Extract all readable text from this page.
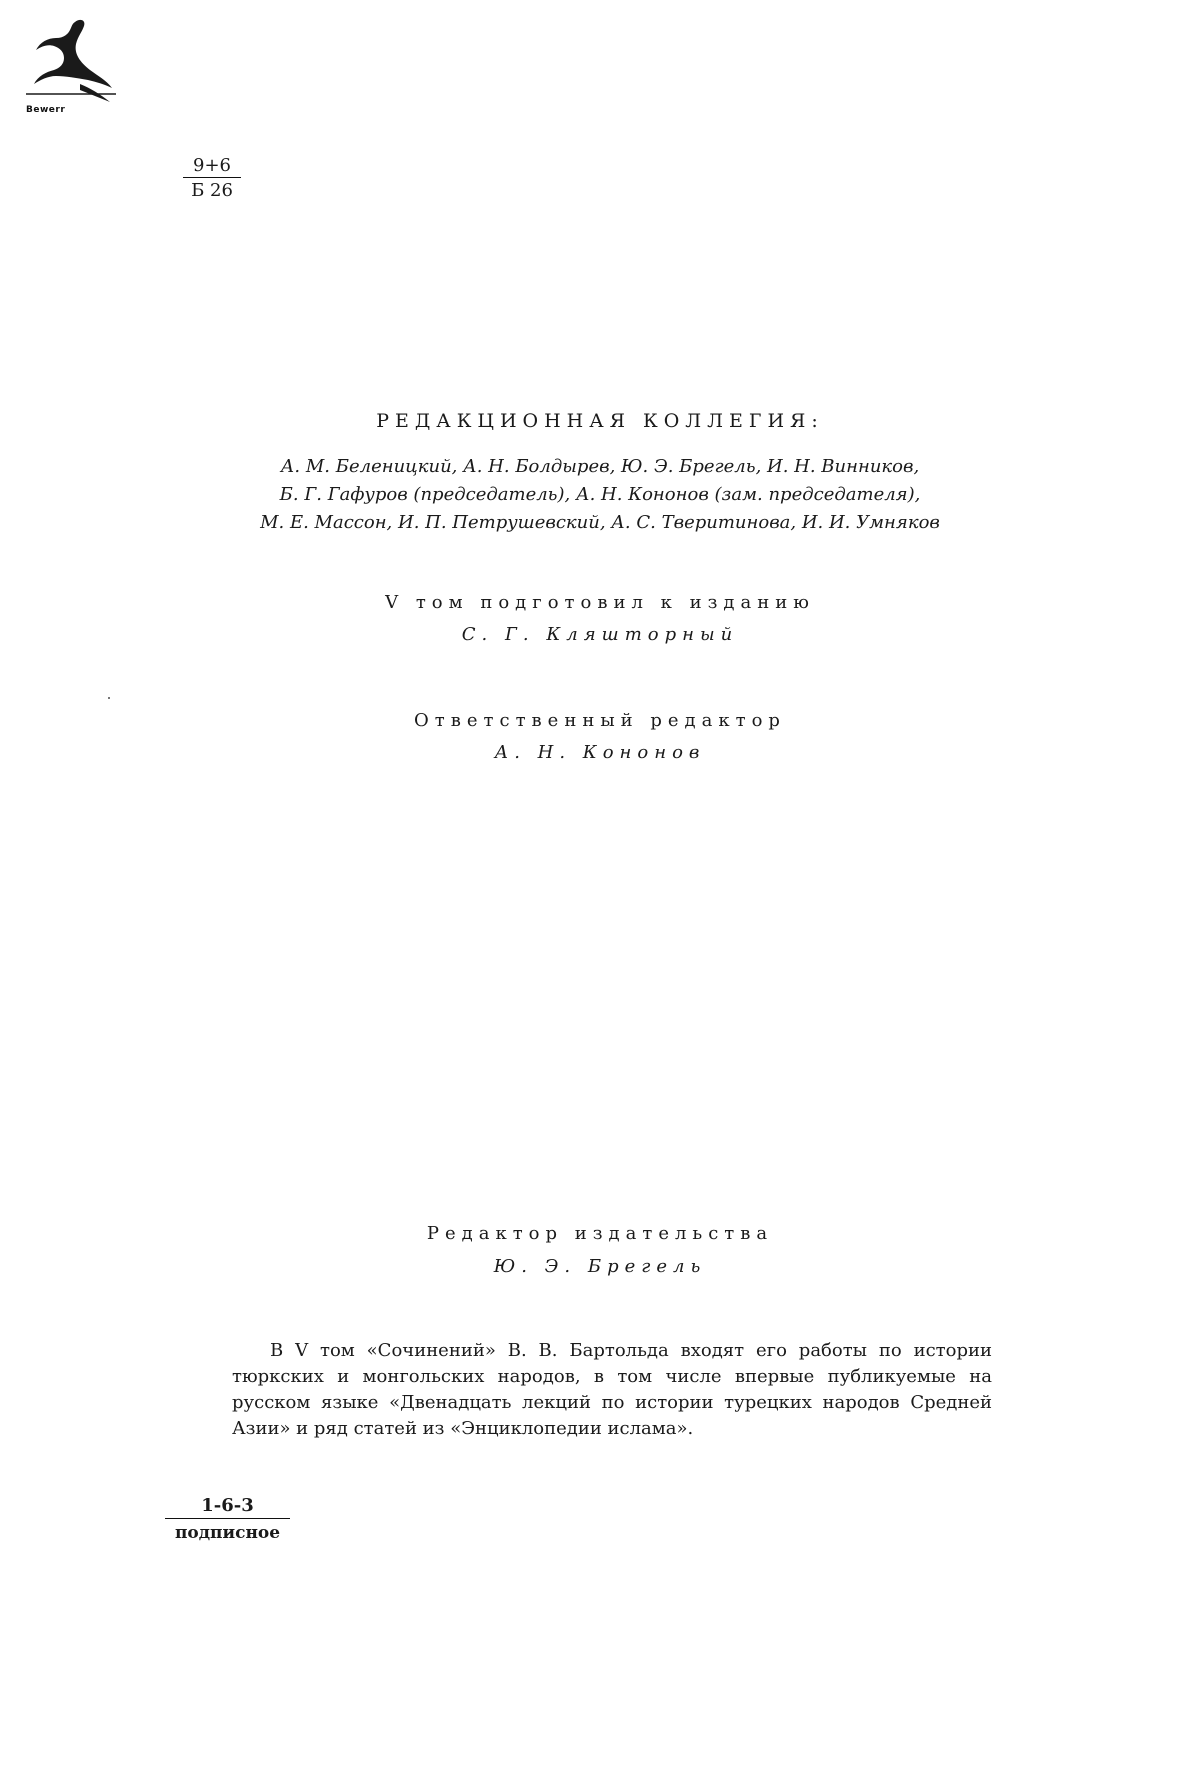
Bewerr
9+6
Б 26
РЕДАКЦИОННАЯ КОЛЛЕГИЯ:
А. М. Беленицкий, А. Н. Болдырев, Ю. Э. Брегель, И. Н. Винников,
Б. Г. Гафуров (председатель), А. Н. Кононов (зам. председателя),
М. Е. Массон, И. П. Петрушевский, А. С. Тверитинова, И. И. Умняков
V том подготовил к изданию
С. Г. Кляшторный
Ответственный редактор
А. Н. Кононов
Редактор издательства
Ю. Э. Брегель
В V том «Сочинений» В. В. Бартольда входят его работы по истории тюркских и монгольских народов, в том числе впервые публикуемые на русском языке «Двенадцать лекций по истории турецких народов Средней Азии» и ряд статей из «Энциклопедии ислама».
1-6-3
подписное
